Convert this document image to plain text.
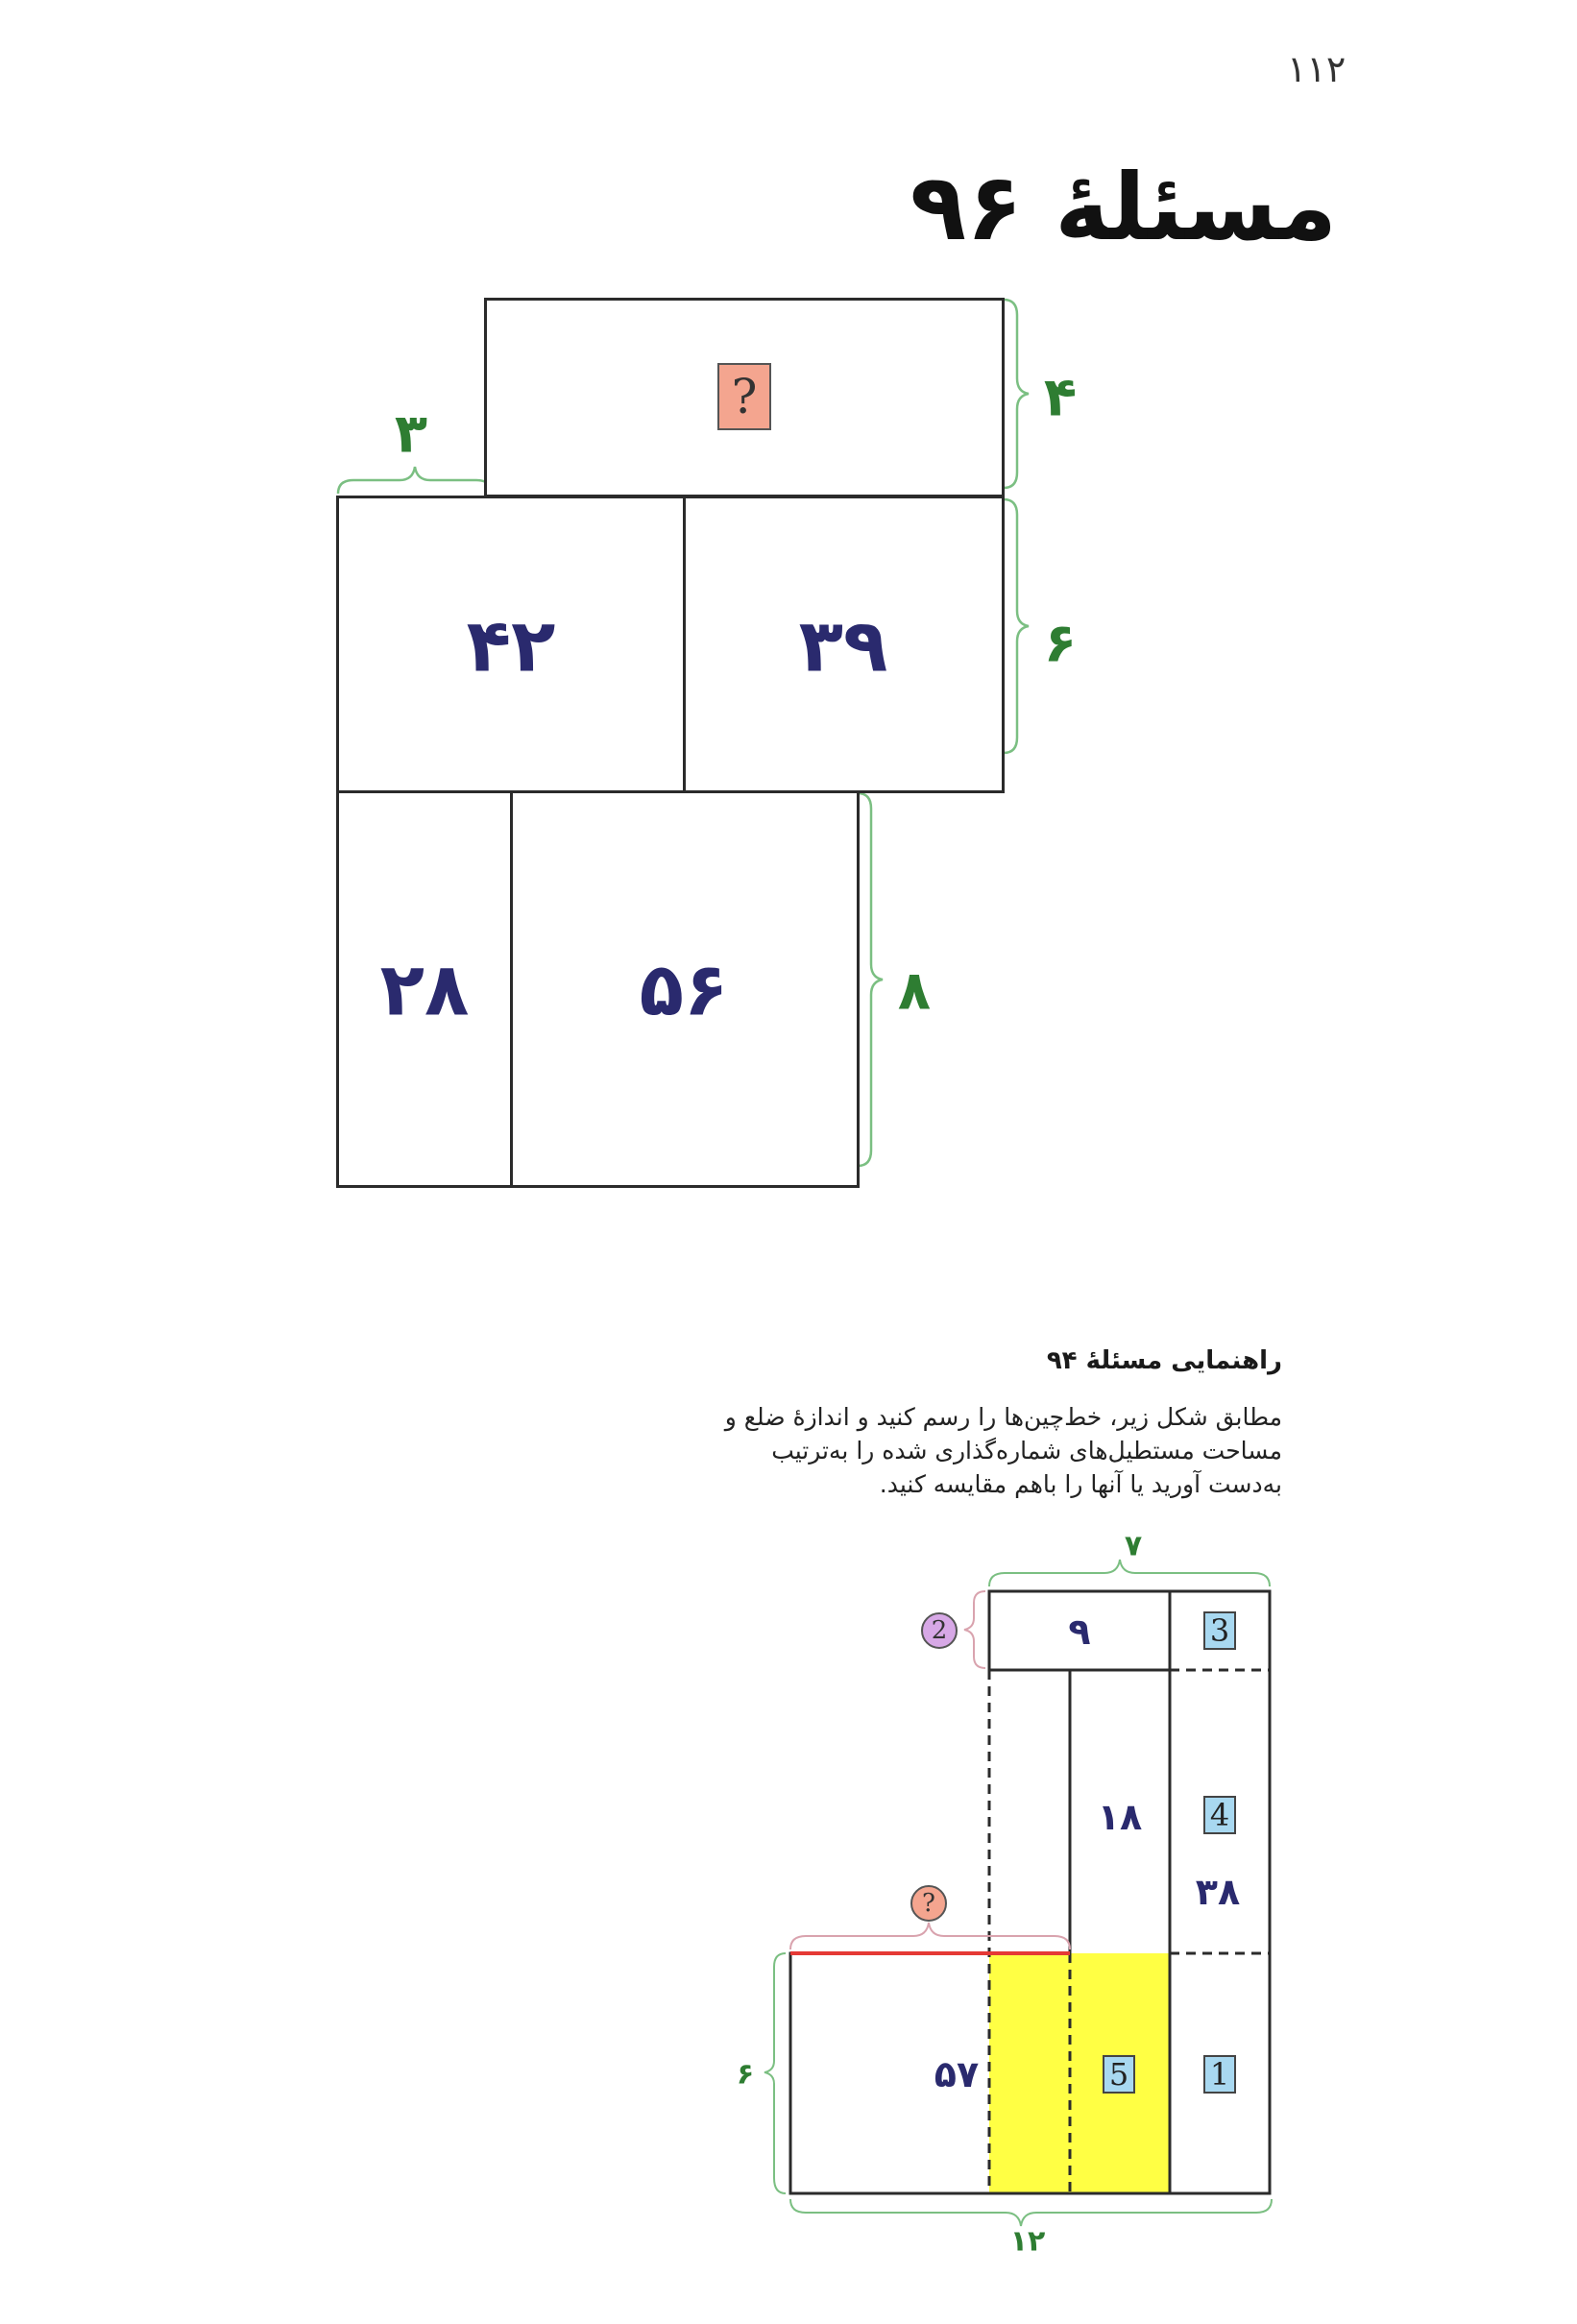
۱۱۲
مسئلهٔ ۹۶
?
۴۲	۳۹
۲۸ ۵۶
۴
۳
۶
۸
راهنمایی مسئلهٔ ۹۴
مطابق شکل زیر، خط‌چین‌ها را رسم کنید و اندازهٔ ضلع و مساحت مستطیل‌های شماره‌گذاری شده را به‌ترتیب به‌دست آورید یا آنها را باهم مقایسه کنید.
۷
۹
۱۸
۳۸
۵۷
۶
۱۲
3
4
5	1
2
?
